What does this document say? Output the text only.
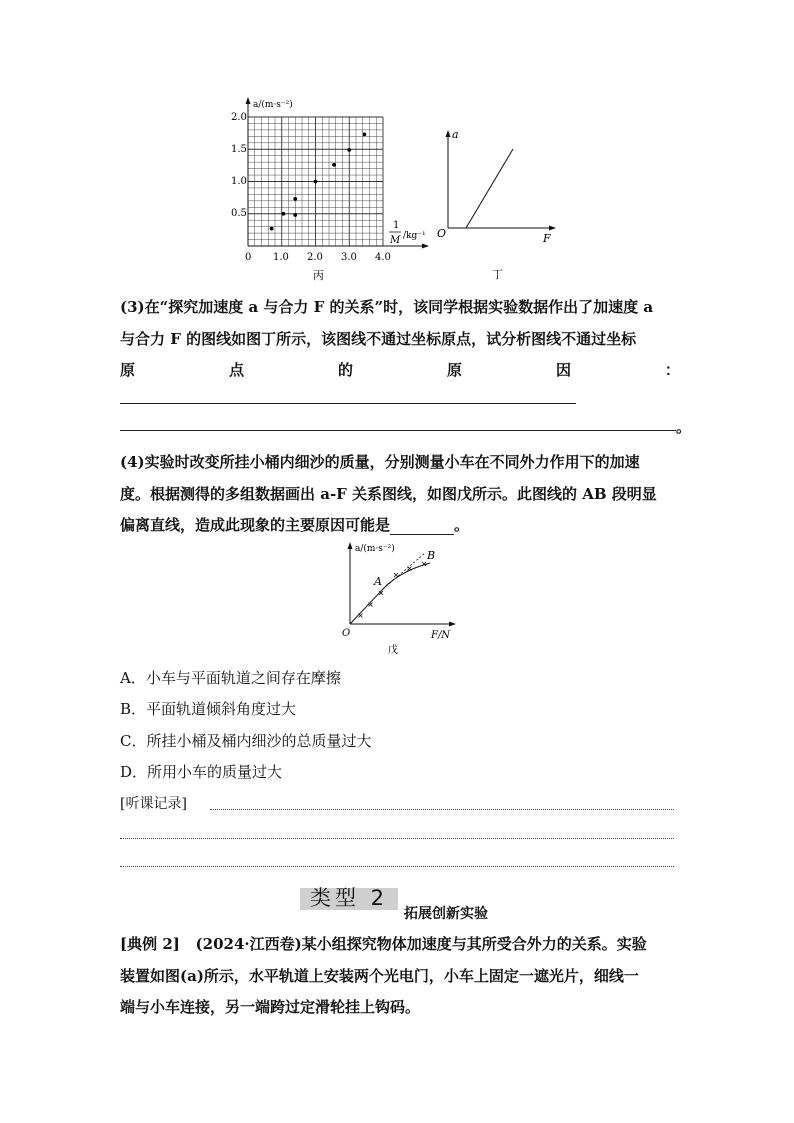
a/(m·s⁻²)
0.5
1.0
1.5
2.0
0 1.0 2.0 3.0 4.0
1
M /kg⁻¹
丙
a
F
O
丁
(3)在“探究加速度 a 与合力 F 的关系”时，该同学根据实验数据作出了加速度 a
与合力 F 的图线如图丁所示，该图线不通过坐标原点，试分析图线不通过坐标
原	点	的	原	因	：
。
(4)实验时改变所挂小桶内细沙的质量，分别测量小车在不同外力作用下的加速
度。根据测得的多组数据画出 a-F 关系图线，如图戊所示。此图线的 AB 段明显
偏离直线，造成此现象的主要原因可能是	。
a/(m·s⁻²)
F/N
O
A
B
戊
A．小车与平面轨道之间存在摩擦
B．平面轨道倾斜角度过大
C．所挂小桶及桶内细沙的总质量过大
D．所用小车的质量过大
[听课记录]
类型 2
拓展创新实验
[典例 2] (2024·江西卷)某小组探究物体加速度与其所受合外力的关系。实验
装置如图(a)所示，水平轨道上安装两个光电门，小车上固定一遮光片，细线一
端与小车连接，另一端跨过定滑轮挂上钩码。
